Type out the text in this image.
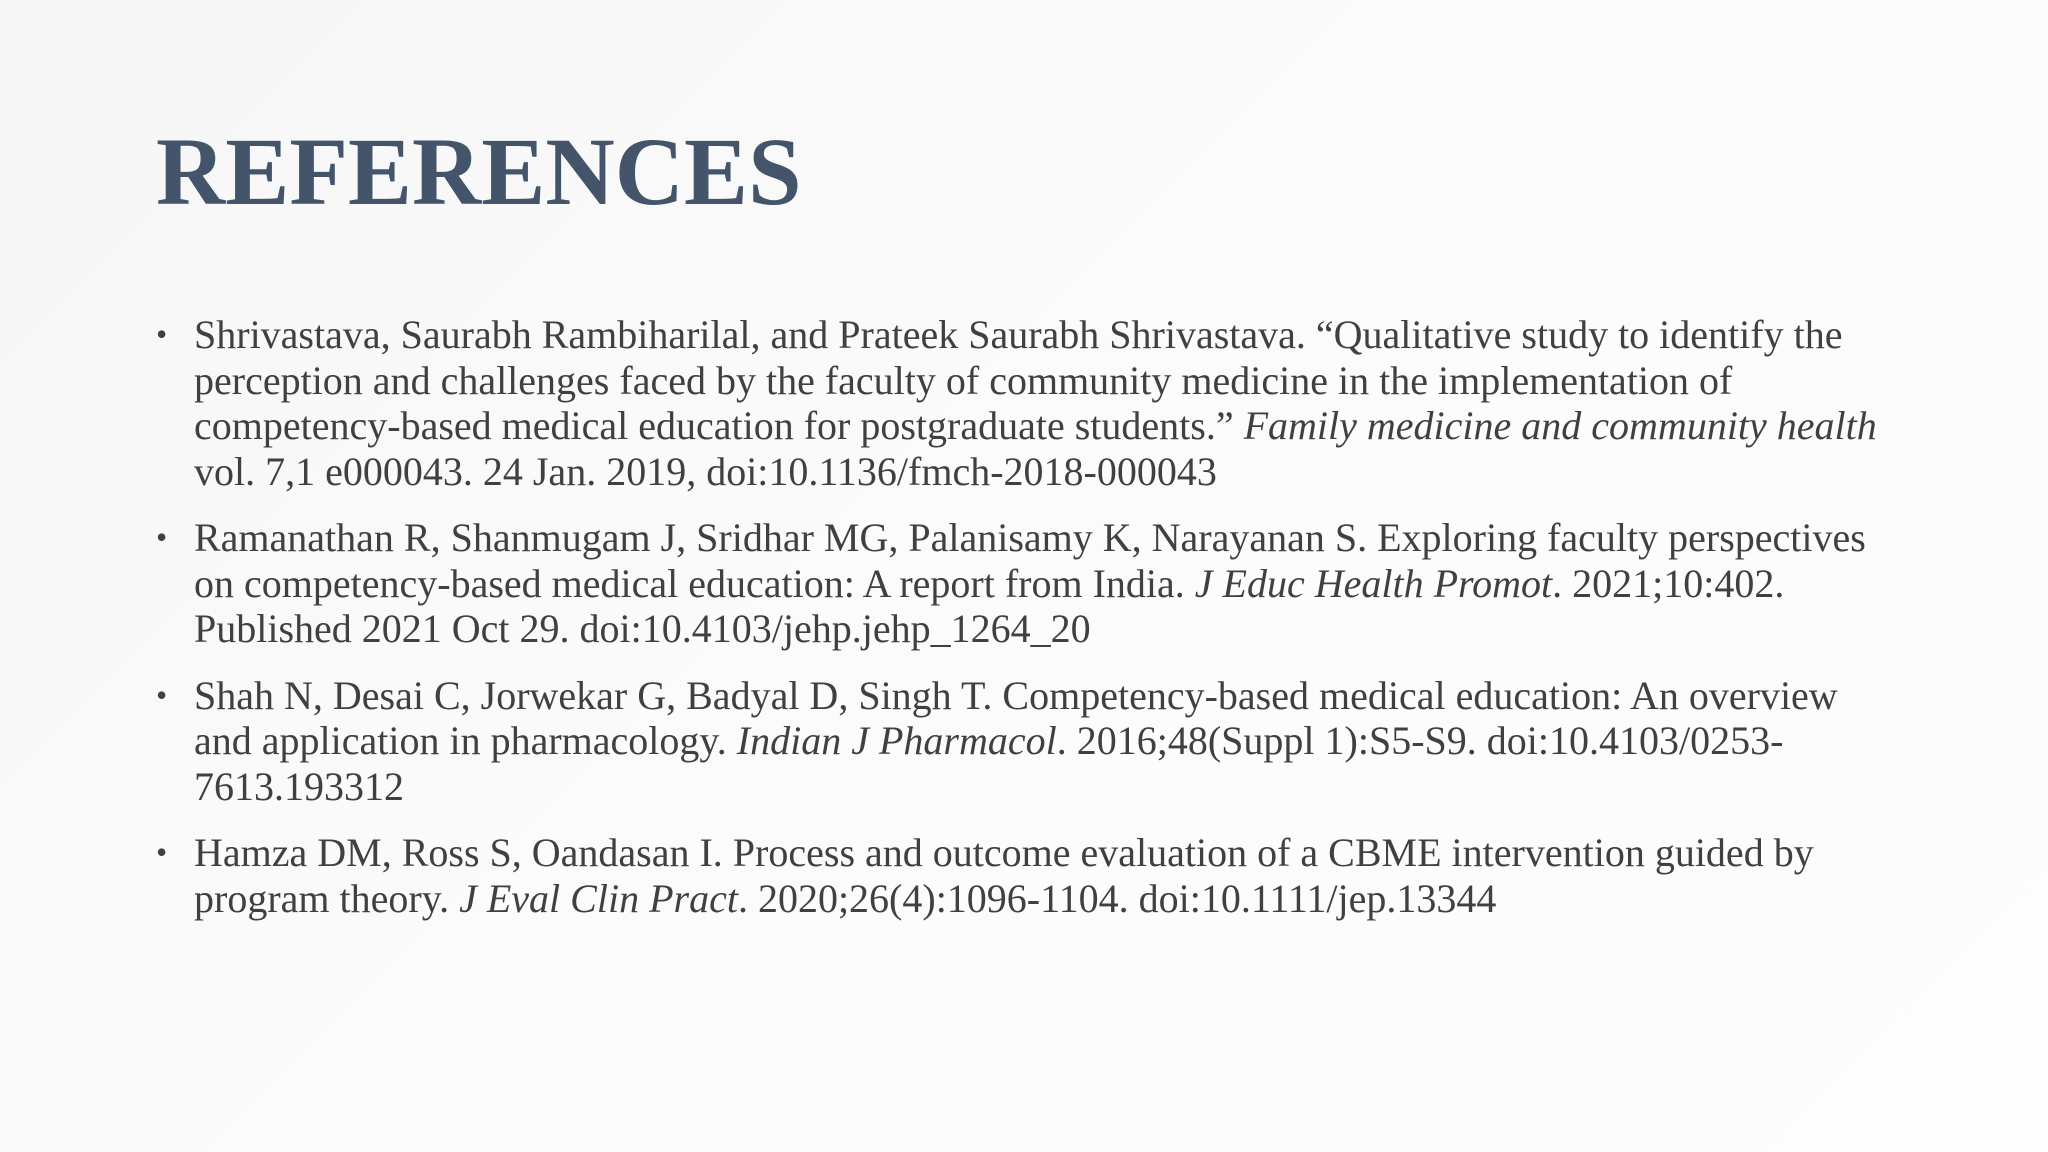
REFERENCES
• Shrivastava, Saurabh Rambiharilal, and Prateek Saurabh Shrivastava. “Qualitative study to identify the perception and challenges faced by the faculty of community medicine in the implementation of competency-based medical education for postgraduate students.” Family medicine and community health vol. 7,1 e000043. 24 Jan. 2019, doi:10.1136/fmch-2018-000043
• Ramanathan R, Shanmugam J, Sridhar MG, Palanisamy K, Narayanan S. Exploring faculty perspectives on competency-based medical education: A report from India. J Educ Health Promot. 2021;10:402. Published 2021 Oct 29. doi:10.4103/jehp.jehp_1264_20
• Shah N, Desai C, Jorwekar G, Badyal D, Singh T. Competency-based medical education: An overview and application in pharmacology. Indian J Pharmacol. 2016;48(Suppl 1):S5-S9. doi:10.4103/0253-7613.193312
• Hamza DM, Ross S, Oandasan I. Process and outcome evaluation of a CBME intervention guided by program theory. J Eval Clin Pract. 2020;26(4):1096-1104. doi:10.1111/jep.13344
